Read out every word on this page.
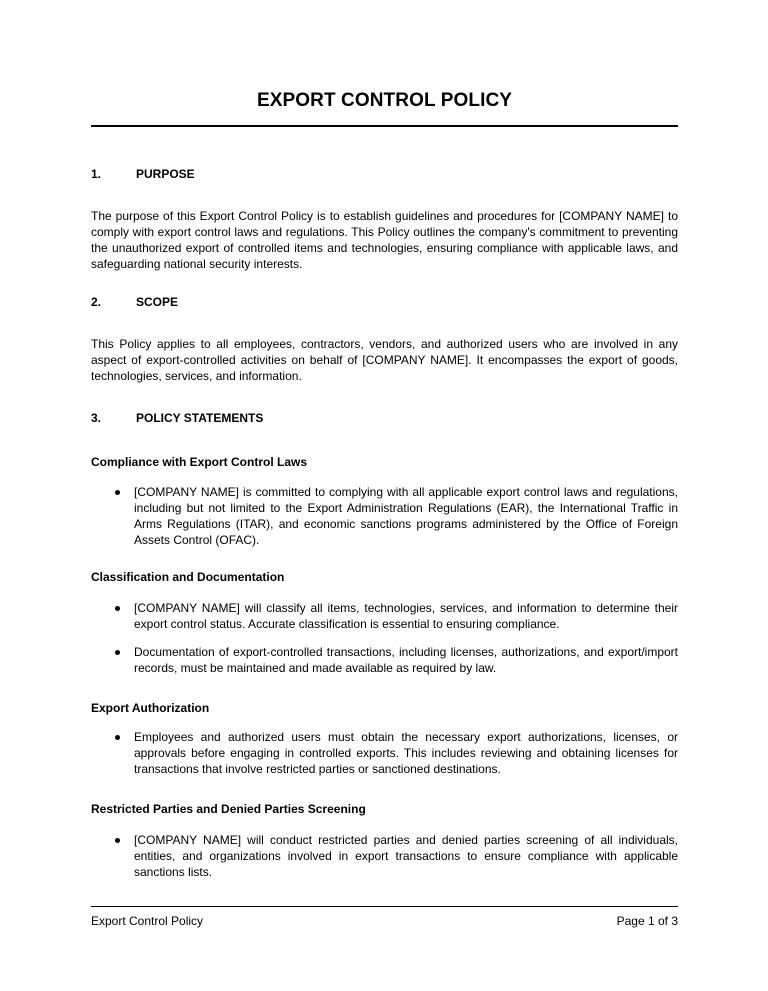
EXPORT CONTROL POLICY
1.	PURPOSE
The purpose of this Export Control Policy is to establish guidelines and procedures for [COMPANY NAME] to comply with export control laws and regulations. This Policy outlines the company's commitment to preventing the unauthorized export of controlled items and technologies, ensuring compliance with applicable laws, and safeguarding national security interests.
2.	SCOPE
This Policy applies to all employees, contractors, vendors, and authorized users who are involved in any aspect of export-controlled activities on behalf of [COMPANY NAME]. It encompasses the export of goods, technologies, services, and information.
3.	POLICY STATEMENTS
Compliance with Export Control Laws
[COMPANY NAME] is committed to complying with all applicable export control laws and regulations, including but not limited to the Export Administration Regulations (EAR), the International Traffic in Arms Regulations (ITAR), and economic sanctions programs administered by the Office of Foreign Assets Control (OFAC).
Classification and Documentation
[COMPANY NAME] will classify all items, technologies, services, and information to determine their export control status. Accurate classification is essential to ensuring compliance.
Documentation of export-controlled transactions, including licenses, authorizations, and export/import records, must be maintained and made available as required by law.
Export Authorization
Employees and authorized users must obtain the necessary export authorizations, licenses, or approvals before engaging in controlled exports. This includes reviewing and obtaining licenses for transactions that involve restricted parties or sanctioned destinations.
Restricted Parties and Denied Parties Screening
[COMPANY NAME] will conduct restricted parties and denied parties screening of all individuals, entities, and organizations involved in export transactions to ensure compliance with applicable sanctions lists.
Export Control Policy	Page 1 of 3
